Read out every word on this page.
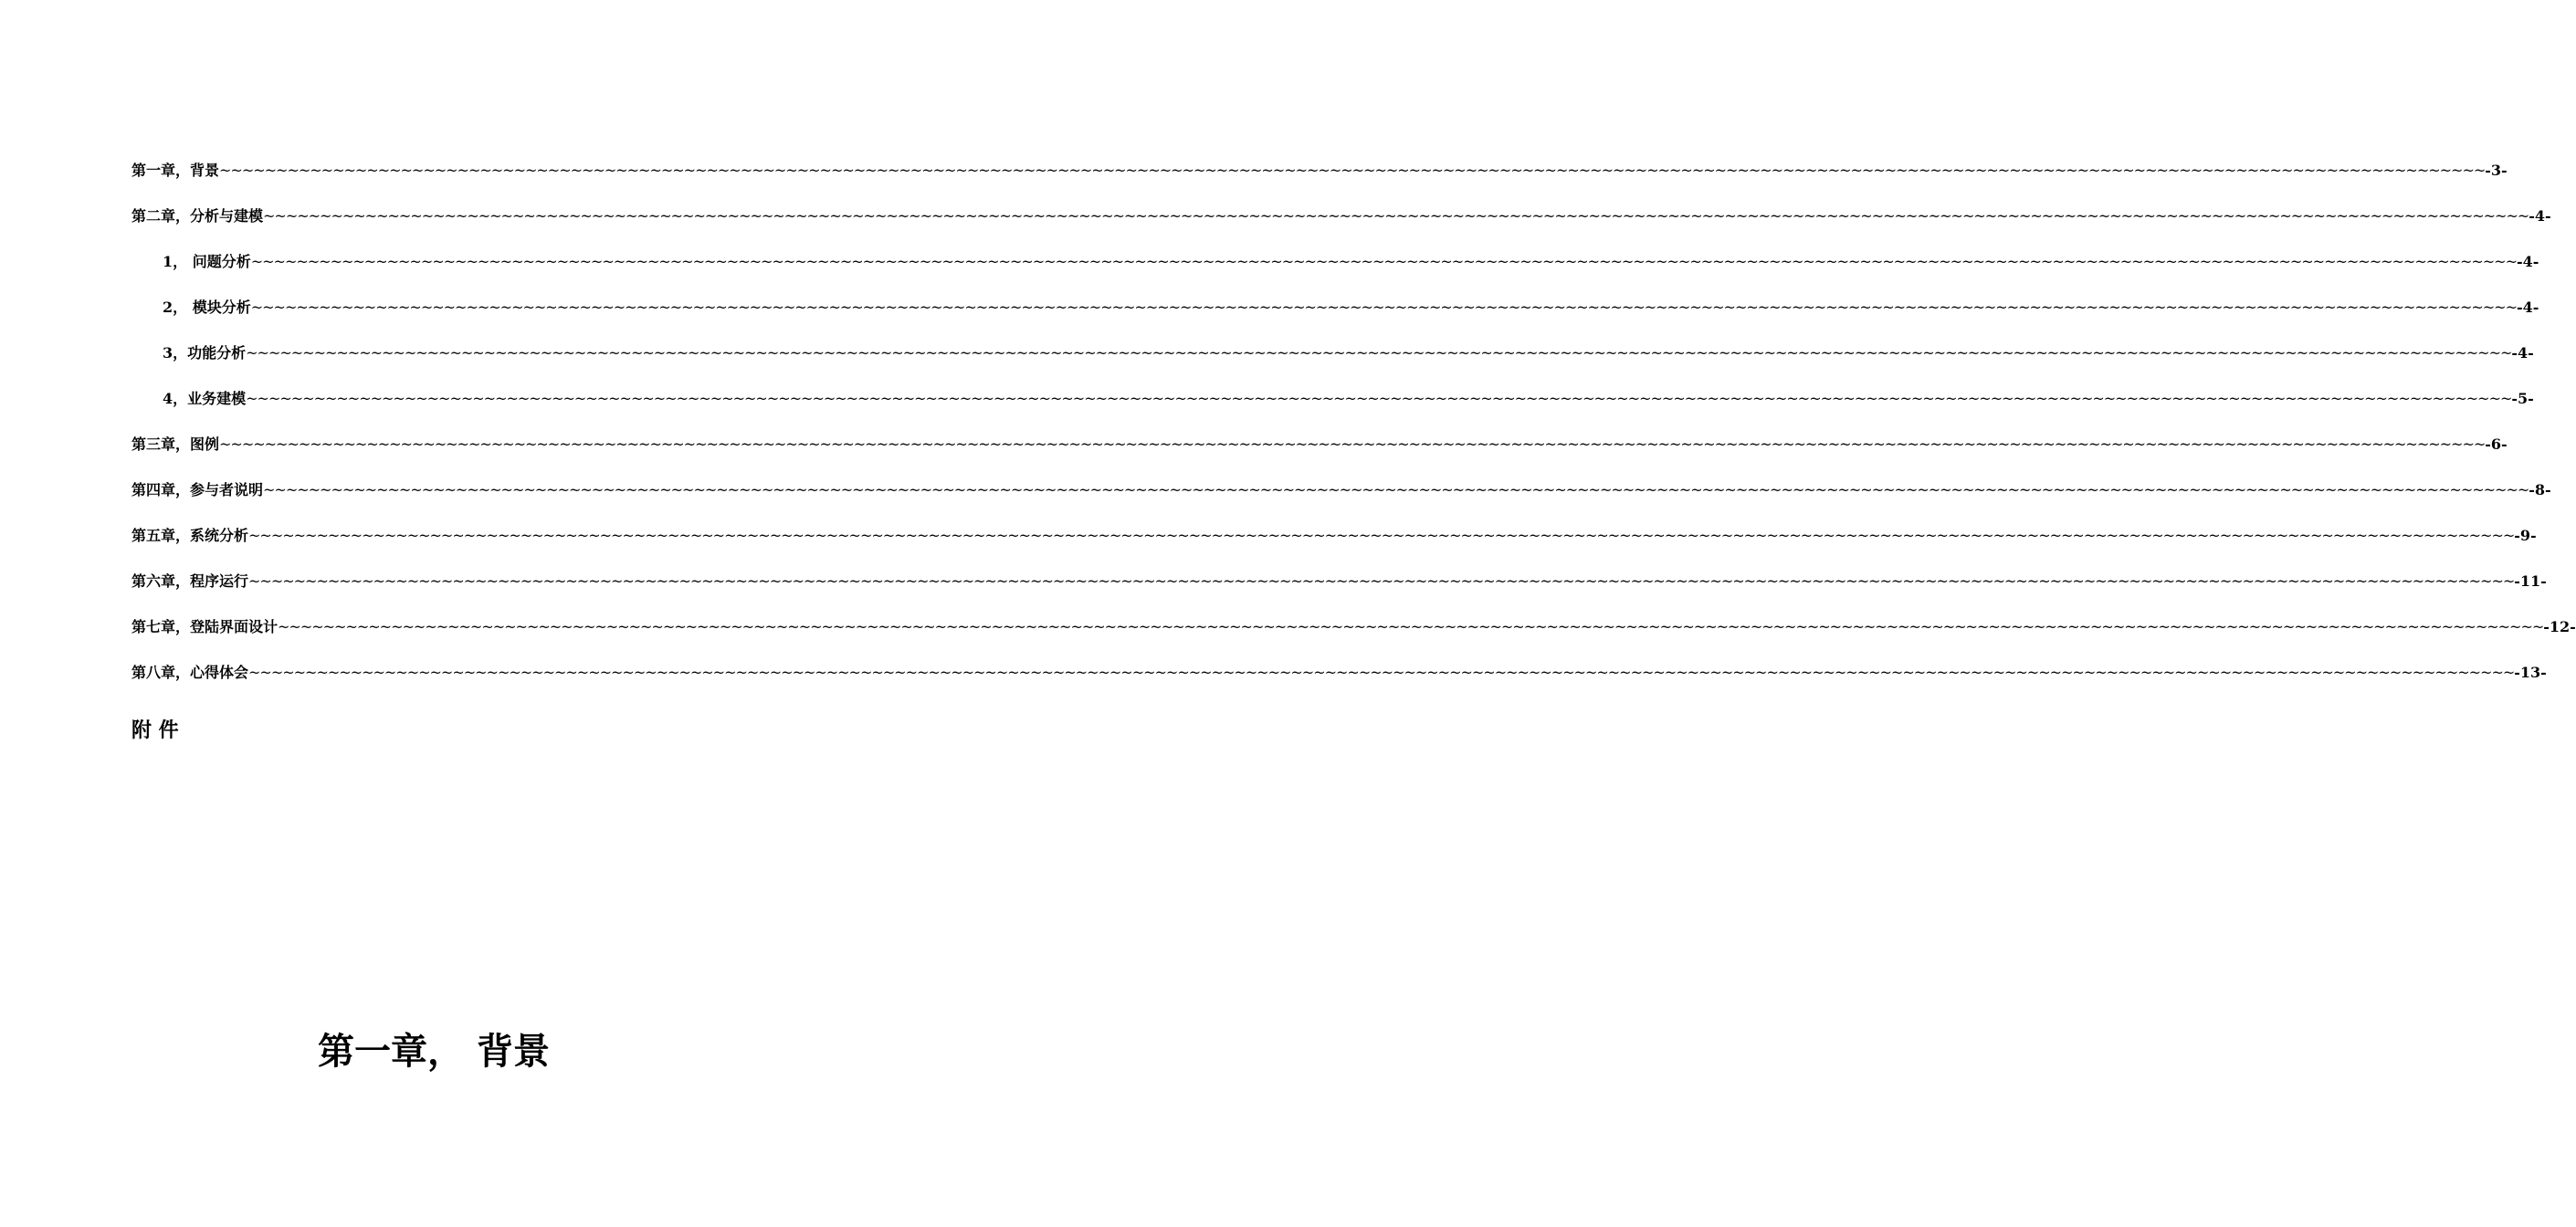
第一章，背景 ~~~~~~~~~~~~~~~~~~~~~~~~~~~~~~~~~~~~~~~~~~~~~~~~~~~~~~~~~~~~~~~~~~~~~~~~~~~~~~~~~~~~~~~~~~~~~~~~~~~~~~~~~~~~~~~~~~~~~~~~~~~~~~~~~~~~~~~~~~~~~~~~~~~~~~~~~~~~~~~~~~~~~~~~~~~~~~~~~~~~~~~~~~~~~~~~~~~~~~~~ -3-
第二章，分析与建模 ~~~~~~~~~~~~~~~~~~~~~~~~~~~~~~~~~~~~~~~~~~~~~~~~~~~~~~~~~~~~~~~~~~~~~~~~~~~~~~~~~~~~~~~~~~~~~~~~~~~~~~~~~~~~~~~~~~~~~~~~~~~~~~~~~~~~~~~~~~~~~~~~~~~~~~~~~~~~~~~~~~~~~~~~~~~~~~~~~~~~~~~~~~~~~~~~~~~~~~~~ -4-
1， 问题分析 ~~~~~~~~~~~~~~~~~~~~~~~~~~~~~~~~~~~~~~~~~~~~~~~~~~~~~~~~~~~~~~~~~~~~~~~~~~~~~~~~~~~~~~~~~~~~~~~~~~~~~~~~~~~~~~~~~~~~~~~~~~~~~~~~~~~~~~~~~~~~~~~~~~~~~~~~~~~~~~~~~~~~~~~~~~~~~~~~~~~~~~~~~~~~~~~~~~~~~~~~ -4-
2， 模块分析 ~~~~~~~~~~~~~~~~~~~~~~~~~~~~~~~~~~~~~~~~~~~~~~~~~~~~~~~~~~~~~~~~~~~~~~~~~~~~~~~~~~~~~~~~~~~~~~~~~~~~~~~~~~~~~~~~~~~~~~~~~~~~~~~~~~~~~~~~~~~~~~~~~~~~~~~~~~~~~~~~~~~~~~~~~~~~~~~~~~~~~~~~~~~~~~~~~~~~~~~~ -4-
3，功能分析 ~~~~~~~~~~~~~~~~~~~~~~~~~~~~~~~~~~~~~~~~~~~~~~~~~~~~~~~~~~~~~~~~~~~~~~~~~~~~~~~~~~~~~~~~~~~~~~~~~~~~~~~~~~~~~~~~~~~~~~~~~~~~~~~~~~~~~~~~~~~~~~~~~~~~~~~~~~~~~~~~~~~~~~~~~~~~~~~~~~~~~~~~~~~~~~~~~~~~~~~~ -4-
4，业务建模 ~~~~~~~~~~~~~~~~~~~~~~~~~~~~~~~~~~~~~~~~~~~~~~~~~~~~~~~~~~~~~~~~~~~~~~~~~~~~~~~~~~~~~~~~~~~~~~~~~~~~~~~~~~~~~~~~~~~~~~~~~~~~~~~~~~~~~~~~~~~~~~~~~~~~~~~~~~~~~~~~~~~~~~~~~~~~~~~~~~~~~~~~~~~~~~~~~~~~~~~~ -5-
第三章，图例 ~~~~~~~~~~~~~~~~~~~~~~~~~~~~~~~~~~~~~~~~~~~~~~~~~~~~~~~~~~~~~~~~~~~~~~~~~~~~~~~~~~~~~~~~~~~~~~~~~~~~~~~~~~~~~~~~~~~~~~~~~~~~~~~~~~~~~~~~~~~~~~~~~~~~~~~~~~~~~~~~~~~~~~~~~~~~~~~~~~~~~~~~~~~~~~~~~~~~~~~~ -6-
第四章，参与者说明 ~~~~~~~~~~~~~~~~~~~~~~~~~~~~~~~~~~~~~~~~~~~~~~~~~~~~~~~~~~~~~~~~~~~~~~~~~~~~~~~~~~~~~~~~~~~~~~~~~~~~~~~~~~~~~~~~~~~~~~~~~~~~~~~~~~~~~~~~~~~~~~~~~~~~~~~~~~~~~~~~~~~~~~~~~~~~~~~~~~~~~~~~~~~~~~~~~~~~~~~~ -8-
第五章，系统分析 ~~~~~~~~~~~~~~~~~~~~~~~~~~~~~~~~~~~~~~~~~~~~~~~~~~~~~~~~~~~~~~~~~~~~~~~~~~~~~~~~~~~~~~~~~~~~~~~~~~~~~~~~~~~~~~~~~~~~~~~~~~~~~~~~~~~~~~~~~~~~~~~~~~~~~~~~~~~~~~~~~~~~~~~~~~~~~~~~~~~~~~~~~~~~~~~~~~~~~~~~ -9-
第六章，程序运行 ~~~~~~~~~~~~~~~~~~~~~~~~~~~~~~~~~~~~~~~~~~~~~~~~~~~~~~~~~~~~~~~~~~~~~~~~~~~~~~~~~~~~~~~~~~~~~~~~~~~~~~~~~~~~~~~~~~~~~~~~~~~~~~~~~~~~~~~~~~~~~~~~~~~~~~~~~~~~~~~~~~~~~~~~~~~~~~~~~~~~~~~~~~~~~~~~~~~~~~~~ -11-
第七章，登陆界面设计 ~~~~~~~~~~~~~~~~~~~~~~~~~~~~~~~~~~~~~~~~~~~~~~~~~~~~~~~~~~~~~~~~~~~~~~~~~~~~~~~~~~~~~~~~~~~~~~~~~~~~~~~~~~~~~~~~~~~~~~~~~~~~~~~~~~~~~~~~~~~~~~~~~~~~~~~~~~~~~~~~~~~~~~~~~~~~~~~~~~~~~~~~~~~~~~~~~~~~~~~~ -12-
第八章，心得体会 ~~~~~~~~~~~~~~~~~~~~~~~~~~~~~~~~~~~~~~~~~~~~~~~~~~~~~~~~~~~~~~~~~~~~~~~~~~~~~~~~~~~~~~~~~~~~~~~~~~~~~~~~~~~~~~~~~~~~~~~~~~~~~~~~~~~~~~~~~~~~~~~~~~~~~~~~~~~~~~~~~~~~~~~~~~~~~~~~~~~~~~~~~~~~~~~~~~~~~~~~ -13-
附 件
第一章， 背景
